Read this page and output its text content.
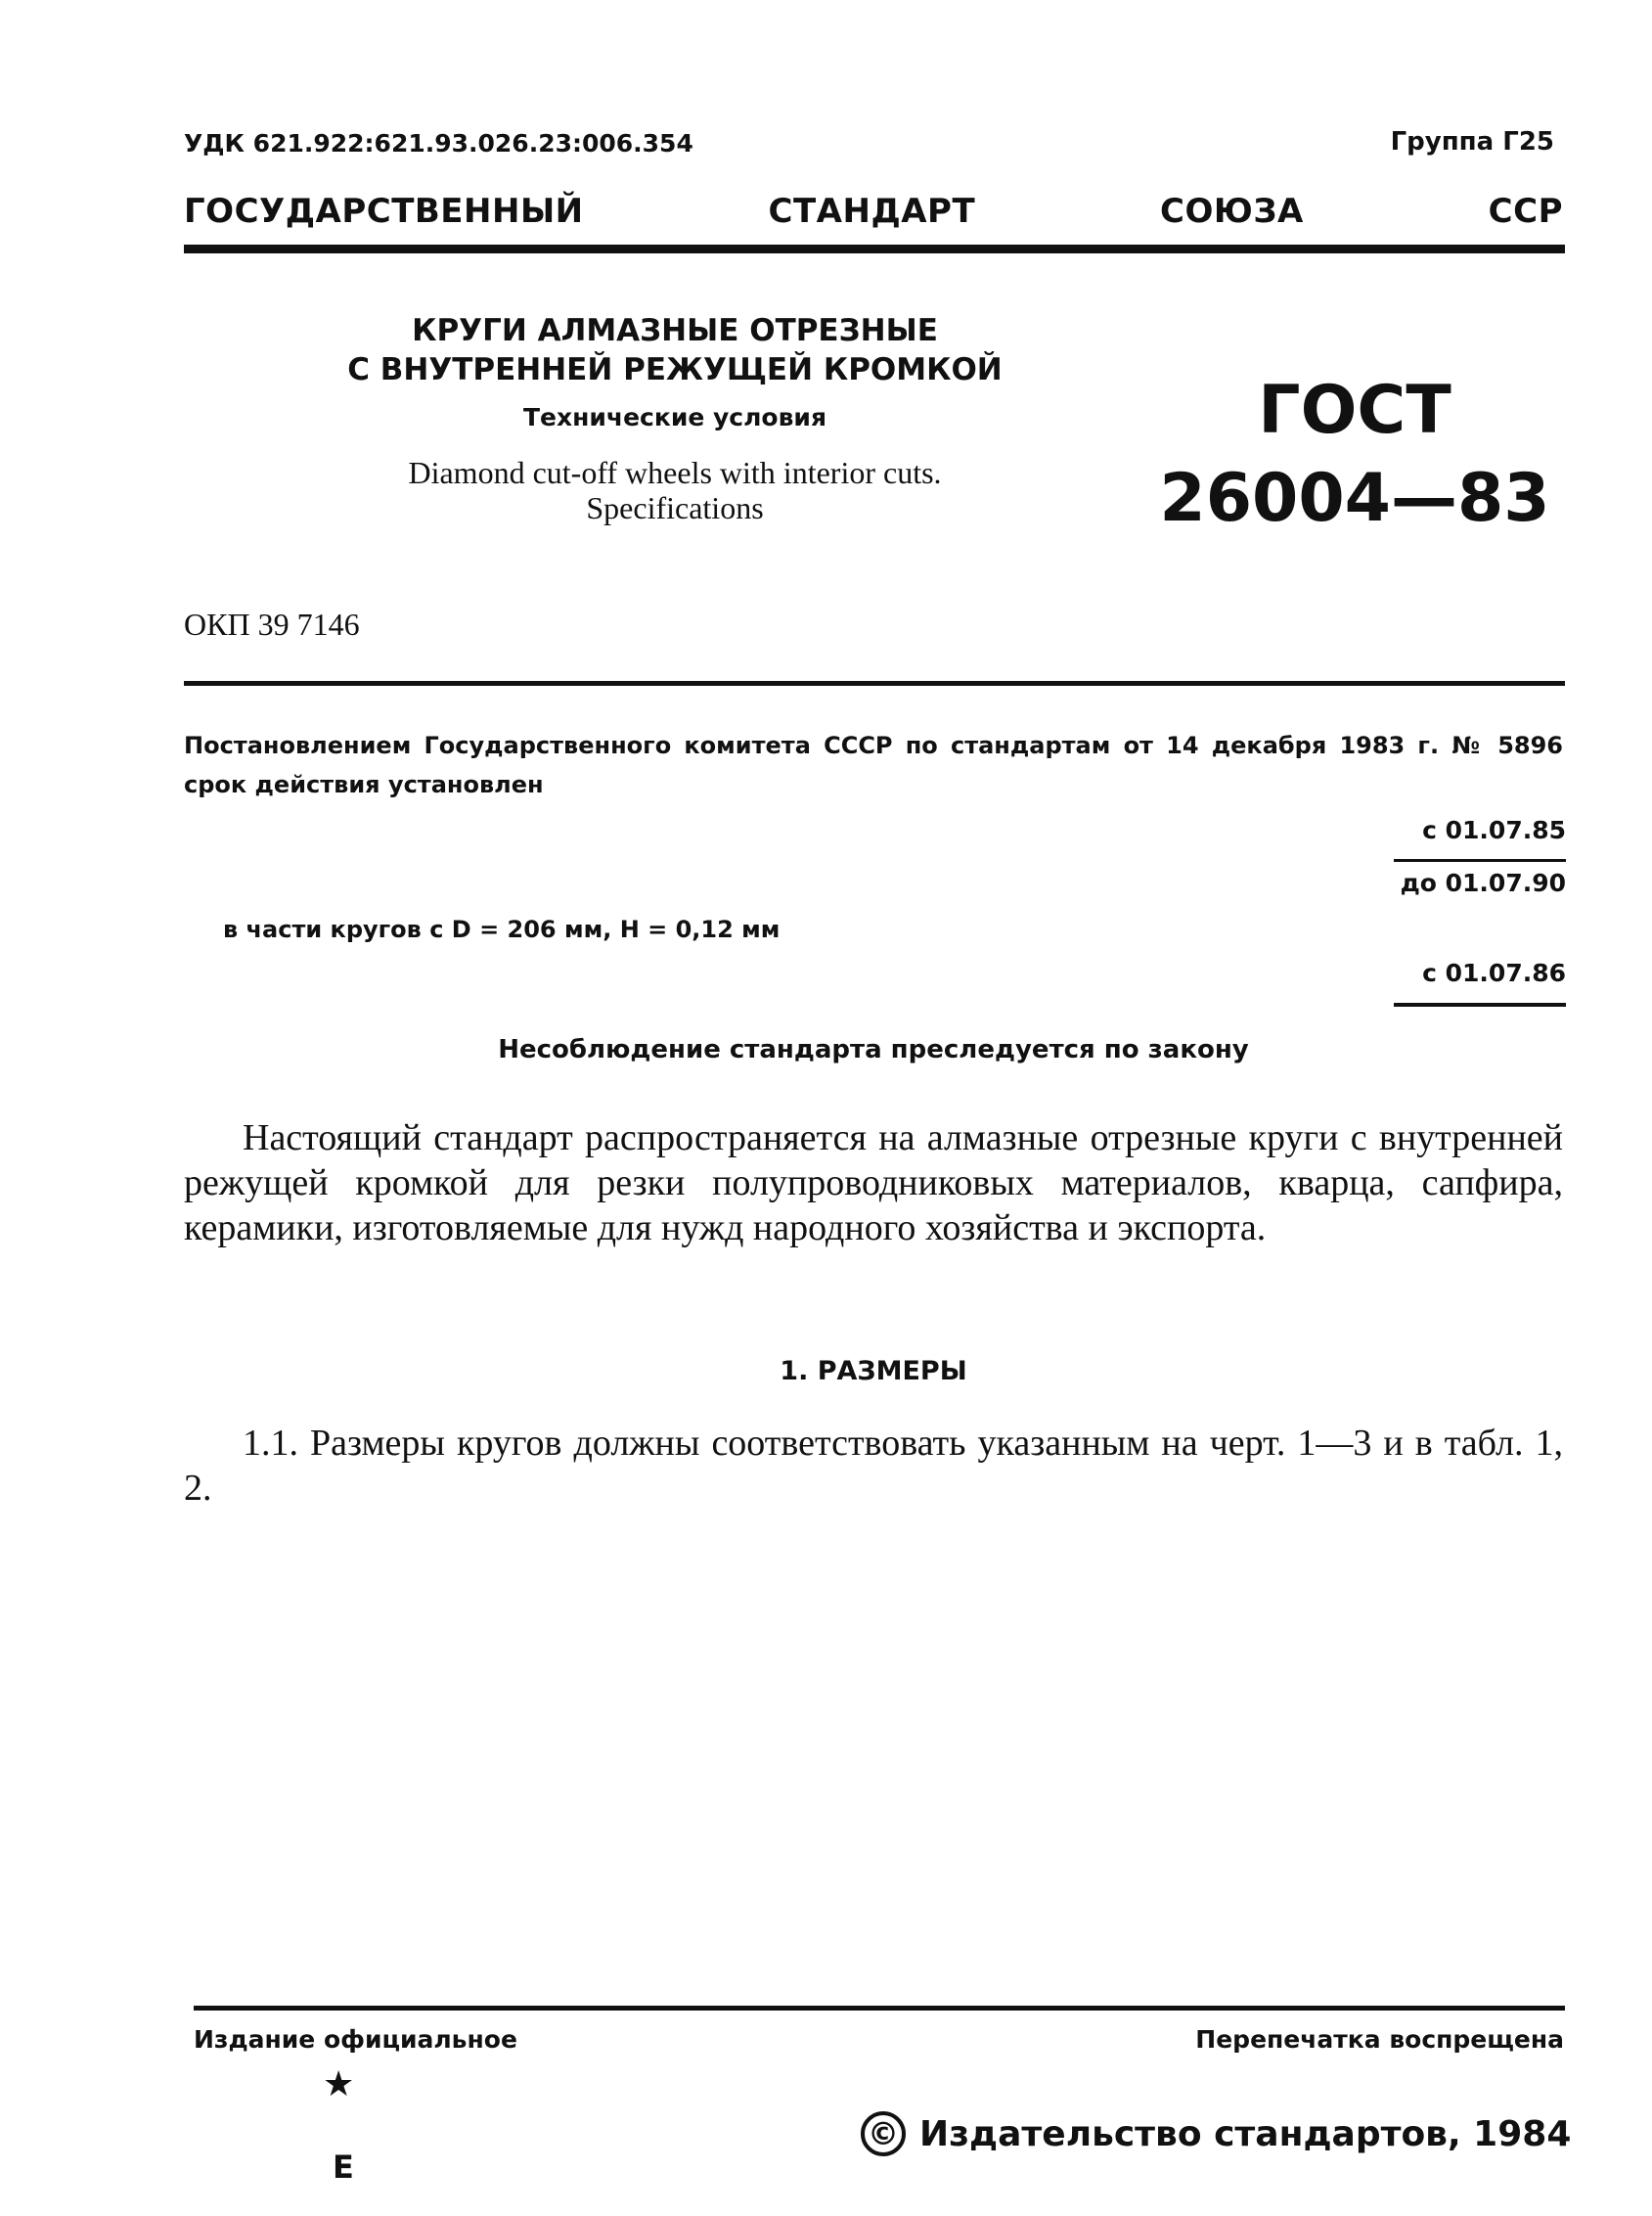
УДК 621.922:621.93.026.23:006.354	Группа Г25
ГОСУДАРСТВЕННЫЙ	СТАНДАРТ	СОЮЗА	ССР
КРУГИ АЛМАЗНЫЕ ОТРЕЗНЫЕ
С ВНУТРЕННЕЙ РЕЖУЩЕЙ КРОМКОЙ
Технические условия
Diamond cut-off wheels with interior cuts.
Specifications
ГОСТ
26004—83
ОКП 39 7146
Постановлением Государственного комитета СССР по стандартам от 14 декабря 1983 г. № 5896 срок действия установлен
с 01.07.85
до 01.07.90
в части кругов с D = 206 мм, H = 0,12 мм
с 01.07.86
Несоблюдение стандарта преследуется по закону
Настоящий стандарт распространяется на алмазные отрезные круги с внутренней режущей кромкой для резки полупроводниковых материалов, кварца, сапфира, керамики, изготовляемые для нужд народного хозяйства и экспорта.
1. РАЗМЕРЫ
1.1. Размеры кругов должны соответствовать указанным на черт. 1—3 и в табл. 1, 2.
Издание официальное	Перепечатка воспрещена
★
Е
© Издательство стандартов, 1984
